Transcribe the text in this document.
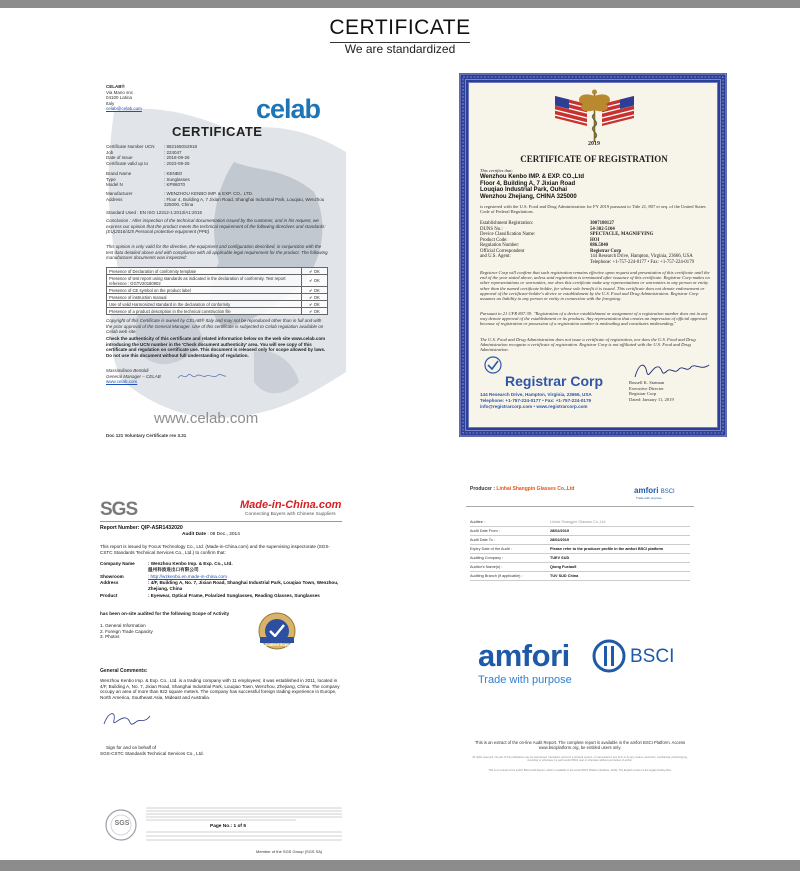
CERTIFICATE
We are standardized
CELAB®
Via Mano snc
04100 Latina
Italy
celab@celab.com	celab
CERTIFICATE
Certificate Number UCN	: 8821650S2918
Job	: 224047
Date of Issue	: 2018-09-26
Certificate valid up to	: 2023-09-25
Brand Name	: KENBO
Type	: Sunglasses
Model N	: KP86070
Manufacturer	: WENZHOU KENBO IMP. & EXP. CO., LTD.
Address	: Floor 4, Building A, 7 Jixian Road, Shanghai Industrial Park, Louqiao, Wenzhou 325000, China
Standard Used : EN ISO 12312-1:2013/A1:2015
Conclusion : After inspection of the technical documentation issued by the customer, and in his request, we express our opinion that the product meets the technical requirement of the following directives and standards: (EU)2016/425 Personal protective equipment (PPE)
This opinion is only valid for the directive, the equipment and configuration described, in conjunction with the test data detailed above and with compliance with all applicable legal requirement for the product. The following manufacturer documents was inspected:
Presence of Declaration of conformity template	✔ OK
Presence of test report using standards as indicated in the declaration of conformity. Test report reference : GGTV20180902	✔ OK
Presence of CE symbol on the product label	✔ OK
Presence of instruction manual	✔ OK
Use of valid Harmonized standard in the declaration of conformity	✔ OK
Presence of a product description in the technical construction file	✔ OK
Copyright of this Certificate is owned by CELAB® Italy and may not be reproduced other than in full and with the prior approval of the General Manager. Use of this certificate is subjected to Celab regulation available on Celab web site.
Check the authenticity of this certificate and related information below on the web site www.celab.com introducing the UCN number in the 'Check document authenticity' area. You will see copy of this certificate and regulation on certificate use. This document is released only for scope allowed by laws. Do not use this document without full understanding of regulation.
Massimiliano Bertoldi
General Manager – CELAB
www.celab.com
www.celab.com
Doc 121 Voluntary Certificate rev 3.31
2019
CERTIFICATE OF REGISTRATION
This certifies that:
Wenzhou Kenbo IMP. & EXP. CO.,Ltd
Floor 4, Building A, 7 Jixian Road
Louqiao Industrial Park, Ouhai
Wenzhou Zhejiang, CHINA 325000
is registered with the U.S. Food and Drug Administration for FY 2019 pursuant to Title 21, 807 et seq. of the United States Code of Federal Regulations.
Establishment Registration:	3007180127
DUNS No.:	54-302-5104
Device Classification Name:	SPECTACLE, MAGNIFYING
Product Code:	HOI
Regulation Number:	886.5840
Official Correspondent	Registrar Corp
and U.S. Agent:	144 Research Drive, Hampton, Virginia, 23666, USA
Telephone: +1-757-224-0177 • Fax: +1-757-224-0179
Registrar Corp will confirm that such registration remains effective upon request and presentation of this certificate until the end of the year stated above, unless said registration is terminated after issuance of this certificate. Registrar Corp makes no other representations or warranties, nor does this certificate make any representations or warranties to any person or entity other than the named certificate holder, for whose sole benefit it is issued. This certificate does not denote endorsement or approval of the certificate-holder's device or establishment by the U.S. Food and Drug Administration. Registrar Corp assumes no liability to any person or entity in connection with the foregoing.
Pursuant to 21 CFR 807.39: "Registration of a device establishment or assignment of a registration number does not in any way denote approval of the establishment or its products. Any representation that creates an impression of official approval because of registration or possession of a registration number is misleading and constitutes misbranding."
The U.S. Food and Drug Administration does not issue a certificate of registration, nor does the U.S. Food and Drug Administration recognize a certificate of registration. Registrar Corp is not affiliated with the U.S. Food and Drug Administration.
Registrar Corp
144 Research Drive, Hampton, Virginia, 23666, USA
Telephone: +1-757-224-0177 • Fax: +1-757-224-0179
info@registrarcorp.com • www.registrarcorp.com
Russell K. Statman
Executive Director
Registrar Corp
Dated: January 11, 2019
SGS	Made-in-China.com
Connecting Buyers with Chinese Suppliers
Report Number: QIP-ASR1432020
Audit Date : 08 Dec., 2014
This report is issued by Focus Technology Co., Ltd. (Made-in-China.com) and the supervising inspectorate (SGS-CSTC Standards Technical Services Co., Ltd.) to confirm that:
Company Name	: Wenzhou Kenbo Imp. & Exp. Co., Ltd.
温州科波进出口有限公司
Showroom	: http://wzkenbo.en.made-in-china.com
Address	: 4/F, Building A, No. 7, Jixian Road, Shanghai Industrial Park, Louqiao Town, Wenzhou, Zhejiang, China
Product	: Eyewear, Optical Frame, Polarized Sunglasses, Reading Glasses, Sunglasses
has been on-site audited for the following Scope of Activity
1. General Information
2. Foreign Trade Capacity
3. Photos
Audited Supplier
General Comments:
Wenzhou Kenbo Imp. & Exp. Co., Ltd. is a trading company with 11 employees; it was established in 2011, located in 4/F, Building A, No. 7, Jixian Road, Shanghai Industrial Park, Louqiao Town, Wenzhou, Zhejiang, China. The company occupy an area of more than 922 square meters. The company has successful foreign trading experience in Europe, North America, Southeast Asia, Mideast and Australia.
Sign for and on behalf of
SGS-CSTC Standards Technical Services Co., Ltd.
SGS	Page No.: 1 of 5
Member of the SGS Group (SGS SA)
Producer : Linhai Shangpin Glasses Co.,Ltd	amfori BSCI
Trade with purpose
Auditee :	Linhai Shangpin Glasses Co.,Ltd
Audit Date From :	28/02/2019
Audit Date To :	28/02/2019
Expiry Date of the Audit :	Please refer to the producer profile in the amfori BSCI platform
Auditing Company :	TUEV SUD
Auditor's Name(s) :	Qiong Fuxiao5
Auditing Branch (if applicable) :	TUV SUD China
amfori	BSCI
Trade with purpose
This is an extract of the on-line Audit Report. The complete report is available in the amfori BSCI Platform. Access www.bsciplatform.org, be entitled users only.
All rights reserved. No part of this publication may be reproduced, translated, stored in a retrieval system, or transmitted in any form or by any means, electronic, mechanical, photocopying, recording or otherwise, by each amfori BSCI user or otherwise without permission of amfori.
This is an extract of the amfori BSCI Audit Report, which is available in the amfori BSCI Platform (Entiless, 2019). The English version is the legally binding files.
